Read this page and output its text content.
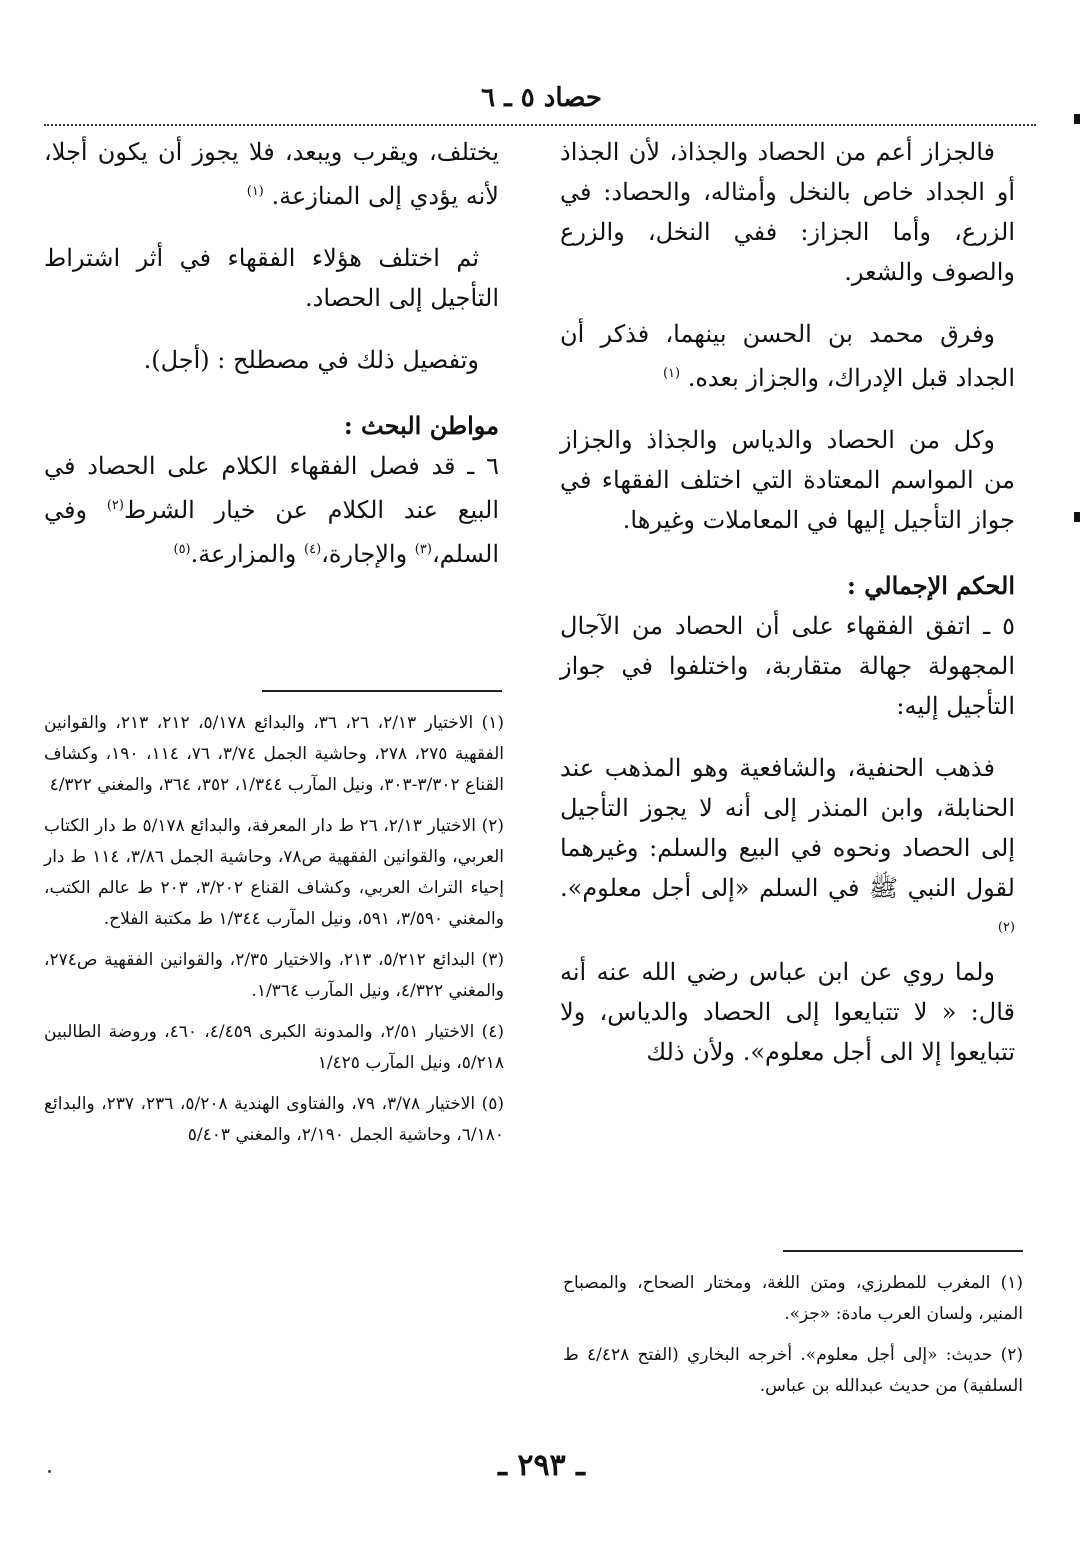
حصاد ٥ ـ ٦

فالجزاز أعم من الحصاد والجذاذ، لأن الجذاذ أو الجداد خاص بالنخل وأمثاله، والحصاد: في الزرع، وأما الجزاز: ففي النخل، والزرع والصوف والشعر.

وفرق محمد بن الحسن بينهما، فذكر أن الجداد قبل الإدراك، والجزاز بعده. $^{(١)}$

وكل من الحصاد والدياس والجذاذ والجزاز من المواسم المعتادة التي اختلف الفقهاء في جواز التأجيل إليها في المعاملات وغيرها.

الحكم الإجمالي :

٥ ـ اتفق الفقهاء على أن الحصاد من الآجال المجهولة جهالة متقاربة، واختلفوا في جواز التأجيل إليه:

فذهب الحنفية، والشافعية وهو المذهب عند الحنابلة، وابن المنذر إلى أنه لا يجوز التأجيل إلى الحصاد ونحوه في البيع والسلم: وغيرهما لقول النبي ﷺ في السلم «إلى أجل معلوم». $^{(٢)}$

ولما روي عن ابن عباس رضي الله عنه أنه قال: « لا تتبايعوا إلى الحصاد والدياس، ولا تتبايعوا إلا الى أجل معلوم». ولأن ذلك

(١) المغرب للمطرزي، ومتن اللغة، ومختار الصحاح، والمصباح المنير، ولسان العرب مادة: «جز».

(٢) حديث: «إلى أجل معلوم». أخرجه البخاري (الفتح ٤/٤٢٨ ط السلفية) من حديث عبدالله بن عباس.

يختلف، ويقرب ويبعد، فلا يجوز أن يكون أجلا، لأنه يؤدي إلى المنازعة. $^{(١)}$

ثم اختلف هؤلاء الفقهاء في أثر اشتراط التأجيل إلى الحصاد.

وتفصيل ذلك في مصطلح : (أجل).

مواطن البحث :

٦ ـ قد فصل الفقهاء الكلام على الحصاد في البيع عند الكلام عن خيار الشرط$^{(٢)}$ وفي السلم،$^{(٣)}$ والإجارة،$^{(٤)}$ والمزارعة.$^{(٥)}$

(١) الاختيار ٢/١٣، ٢٦، ٣٦، والبدائع ٥/١٧٨، ٢١٢، ٢١٣، والقوانين الفقهية ٢٧٥، ٢٧٨، وحاشية الجمل ٣/٧٤، ٧٦، ١١٤، ١٩٠، وكشاف القناع ٣/٣٠٢-٣٠٣، ونيل المآرب ١/٣٤٤، ٣٥٢، ٣٦٤، والمغني ٤/٣٢٢

(٢) الاختيار ٢/١٣، ٢٦ ط دار المعرفة، والبدائع ٥/١٧٨ ط دار الكتاب العربي، والقوانين الفقهية ص٧٨، وحاشية الجمل ٣/٨٦، ١١٤ ط دار إحياء التراث العربي، وكشاف القناع ٣/٢٠٢، ٢٠٣ ط عالم الكتب، والمغني ٣/٥٩٠، ٥٩١، ونيل المآرب ١/٣٤٤ ط مكتبة الفلاح.

(٣) البدائع ٥/٢١٢، ٢١٣، والاختيار ٢/٣٥، والقوانين الفقهية ص٢٧٤، والمغني ٤/٣٢٢، ونيل المآرب ١/٣٦٤.

(٤) الاختيار ٢/٥١، والمدونة الكبرى ٤/٤٥٩، ٤٦٠، وروضة الطالبين ٥/٢١٨، ونيل المآرب ١/٤٢٥

(٥) الاختيار ٣/٧٨، ٧٩، والفتاوى الهندية ٥/٢٠٨، ٢٣٦، ٢٣٧، والبدائع ٦/١٨٠، وحاشية الجمل ٢/١٩٠، والمغني ٥/٤٠٣

ـ ٢٩٣ ـ
